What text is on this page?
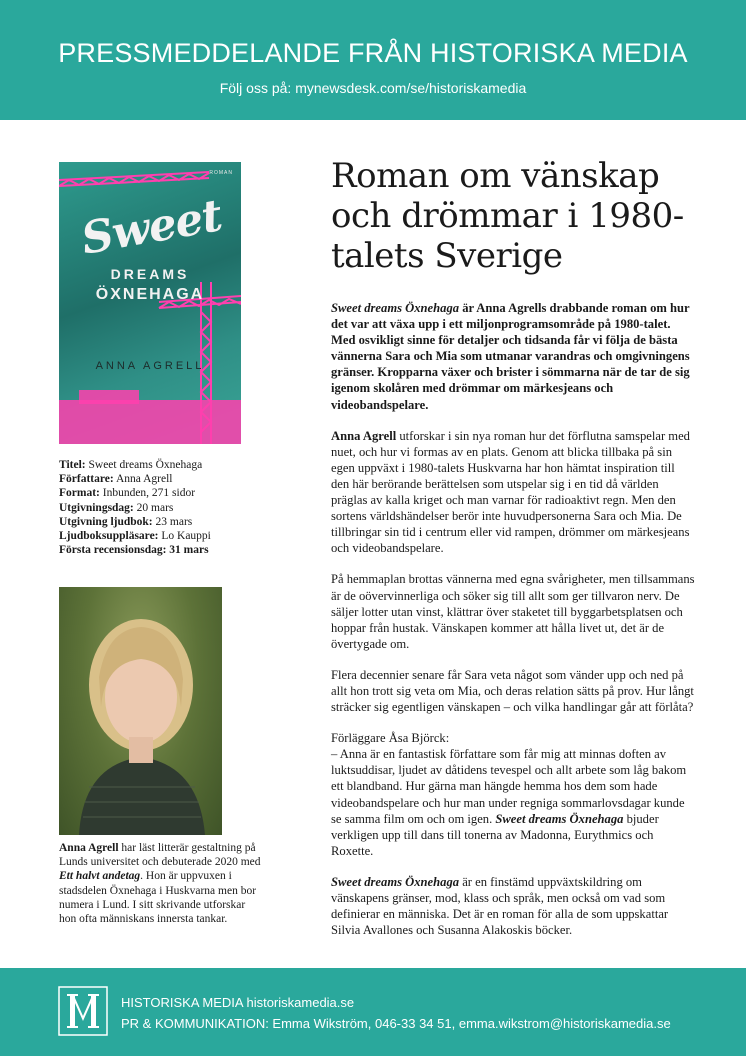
PRESSMEDDELANDE FRÅN HISTORISKA MEDIA
Följ oss på: mynewsdesk.com/se/historiskamedia
ROMAN
Sweet
DREAMS
ÖXNEHAGA
ANNA AGRELL
Titel: Sweet dreams Öxnehaga
Författare: Anna Agrell
Format: Inbunden, 271 sidor
Utgivningsdag: 20 mars
Utgivning ljudbok: 23 mars
Ljudboksuppläsare: Lo Kauppi
Första recensionsdag: 31 mars
Anna Agrell har läst litterär gestaltning på Lunds universitet och debuterade 2020 med Ett halvt andetag. Hon är uppvuxen i stadsdelen Öxnehaga i Huskvarna men bor numera i Lund. I sitt skrivande utforskar hon ofta människans innersta tankar.
Roman om vänskap och drömmar i 1980-talets Sverige

Sweet dreams Öxnehaga är Anna Agrells drabbande roman om hur det var att växa upp i ett miljonprogramsområde på 1980-talet. Med osvikligt sinne för detaljer och tidsanda får vi följa de bästa vännerna Sara och Mia som utmanar varandras och omgivningens gränser. Kropparna växer och brister i sömmarna när de tar de sig igenom skolåren med drömmar om märkesjeans och videobandspelare.

Anna Agrell utforskar i sin nya roman hur det förflutna samspelar med nuet, och hur vi formas av en plats. Genom att blicka tillbaka på sin egen uppväxt i 1980-talets Huskvarna har hon hämtat inspiration till den här berörande berättelsen som utspelar sig i en tid då världen präglas av kalla kriget och man varnar för radioaktivt regn. Men den sortens världshändelser berör inte huvudpersonerna Sara och Mia. De tillbringar sin tid i centrum eller vid rampen, drömmer om märkesjeans och videobandspelare.

På hemmaplan brottas vännerna med egna svårigheter, men tillsammans är de oövervinnerliga och söker sig till allt som ger tillvaron nerv. De säljer lotter utan vinst, klättrar över staketet till byggarbetsplatsen och hoppar från hustak. Vänskapen kommer att hålla livet ut, det är de övertygade om.

Flera decennier senare får Sara veta något som vänder upp och ned på allt hon trott sig veta om Mia, och deras relation sätts på prov. Hur långt sträcker sig egentligen vänskapen – och vilka handlingar går att förlåta?

Förläggare Åsa Björck:
– Anna är en fantastisk författare som får mig att minnas doften av luktsuddisar, ljudet av dåtidens tevespel och allt arbete som låg bakom ett blandband. Hur gärna man hängde hemma hos dem som hade videobandspelare och hur man under regniga sommarlovsdagar kunde se samma film om och om igen. Sweet dreams Öxnehaga bjuder verkligen upp till dans till tonerna av Madonna, Eurythmics och Roxette.

Sweet dreams Öxnehaga är en finstämd uppväxtskildring om vänskapens gränser, mod, klass och språk, men också om vad som definierar en människa. Det är en roman för alla de som uppskattar Silvia Avallones och Susanna Alakoskis böcker.

HISTORISKA MEDIA historiskamedia.se
PR & KOMMUNIKATION: Emma Wikström, 046-33 34 51, emma.wikstrom@historiskamedia.se
